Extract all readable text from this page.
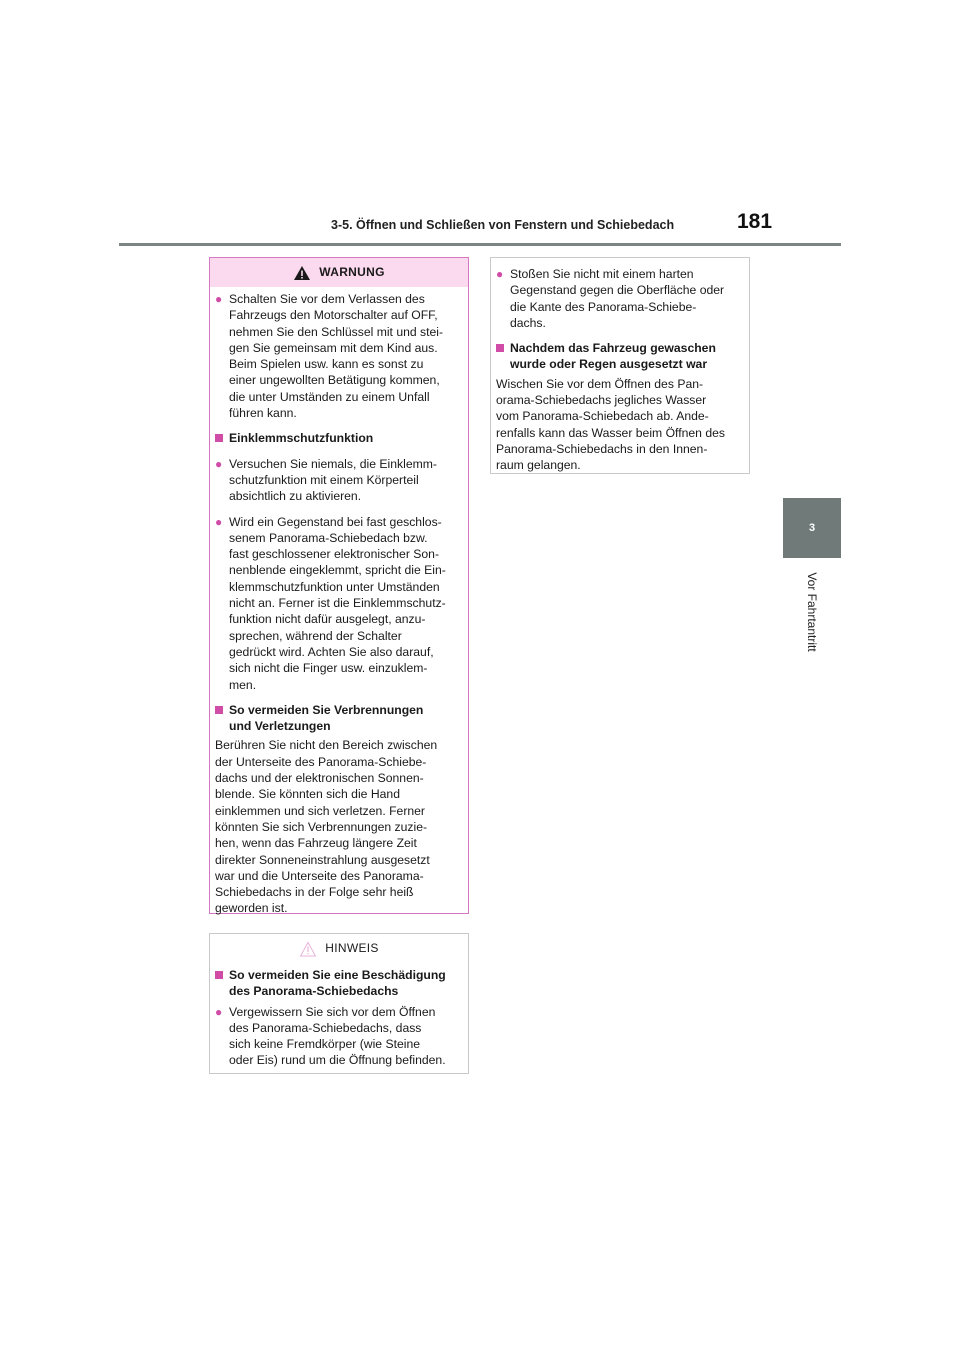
3-5. Öffnen und Schließen von Fenstern und Schiebedach	181
3
Vor Fahrtantritt
WARNUNG
● Schalten Sie vor dem Verlassen des
Fahrzeugs den Motorschalter auf OFF,
nehmen Sie den Schlüssel mit und stei-
gen Sie gemeinsam mit dem Kind aus.
Beim Spielen usw. kann es sonst zu
einer ungewollten Betätigung kommen,
die unter Umständen zu einem Unfall
führen kann.
Einklemmschutzfunktion
● Versuchen Sie niemals, die Einklemm-
schutzfunktion mit einem Körperteil
absichtlich zu aktivieren.
● Wird ein Gegenstand bei fast geschlos-
senem Panorama-Schiebedach bzw.
fast geschlossener elektronischer Son-
nenblende eingeklemmt, spricht die Ein-
klemmschutzfunktion unter Umständen
nicht an. Ferner ist die Einklemmschutz-
funktion nicht dafür ausgelegt, anzu-
sprechen, während der Schalter
gedrückt wird. Achten Sie also darauf,
sich nicht die Finger usw. einzuklem-
men.
So vermeiden Sie Verbrennungen
und Verletzungen
Berühren Sie nicht den Bereich zwischen
der Unterseite des Panorama-Schiebe-
dachs und der elektronischen Sonnen-
blende. Sie könnten sich die Hand
einklemmen und sich verletzen. Ferner
könnten Sie sich Verbrennungen zuzie-
hen, wenn das Fahrzeug längere Zeit
direkter Sonneneinstrahlung ausgesetzt
war und die Unterseite des Panorama-
Schiebedachs in der Folge sehr heiß
geworden ist.
HINWEIS
So vermeiden Sie eine Beschädigung
des Panorama-Schiebedachs
● Vergewissern Sie sich vor dem Öffnen
des Panorama-Schiebedachs, dass
sich keine Fremdkörper (wie Steine
oder Eis) rund um die Öffnung befinden.
● Stoßen Sie nicht mit einem harten
Gegenstand gegen die Oberfläche oder
die Kante des Panorama-Schiebe-
dachs.
Nachdem das Fahrzeug gewaschen
wurde oder Regen ausgesetzt war
Wischen Sie vor dem Öffnen des Pan-
orama-Schiebedachs jegliches Wasser
vom Panorama-Schiebedach ab. Ande-
renfalls kann das Wasser beim Öffnen des
Panorama-Schiebedachs in den Innen-
raum gelangen.
